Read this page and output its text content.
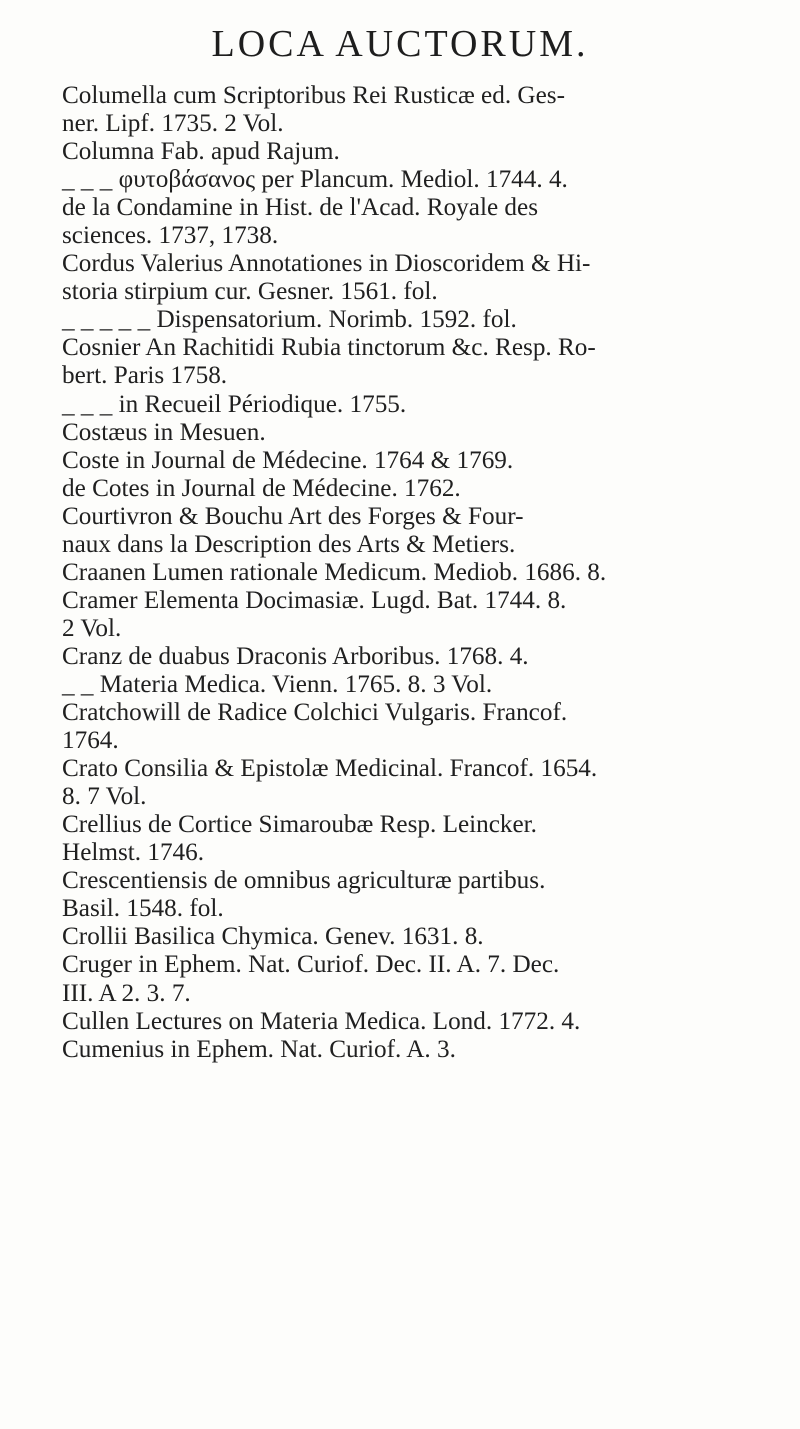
LOCA AUCTORUM.
Columella cum Scriptoribus Rei Rusticæ ed. Ges-
ner. Lipf. 1735. 2 Vol.
Columna Fab. apud Rajum.
_ _ _ φυτοβάσανος per Plancum. Mediol. 1744. 4.
de la Condamine in Hist. de l'Acad. Royale des
sciences. 1737, 1738.
Cordus Valerius Annotationes in Dioscoridem & Hi-
storia stirpium cur. Gesner. 1561. fol.
_ _ _ _ _ Dispensatorium. Norimb. 1592. fol.
Cosnier An Rachitidi Rubia tinctorum &c. Resp. Ro-
bert. Paris 1758.
_ _ _ in Recueil Périodique. 1755.
Costæus in Mesuen.
Coste in Journal de Médecine. 1764 & 1769.
de Cotes in Journal de Médecine. 1762.
Courtivron & Bouchu Art des Forges & Four-
naux dans la Description des Arts & Metiers.
Craanen Lumen rationale Medicum. Mediob. 1686. 8.
Cramer Elementa Docimasiæ. Lugd. Bat. 1744. 8.
2 Vol.
Cranz de duabus Draconis Arboribus. 1768. 4.
_ _ Materia Medica. Vienn. 1765. 8. 3 Vol.
Cratchowill de Radice Colchici Vulgaris. Francof.
1764.
Crato Consilia & Epistolæ Medicinal. Francof. 1654.
8. 7 Vol.
Crellius de Cortice Simaroubæ Resp. Leincker.
Helmst. 1746.
Crescentiensis de omnibus agriculturæ partibus.
Basil. 1548. fol.
Crollii Basilica Chymica. Genev. 1631. 8.
Cruger in Ephem. Nat. Curiof. Dec. II. A. 7. Dec.
III. A 2. 3. 7.
Cullen Lectures on Materia Medica. Lond. 1772. 4.
Cumenius in Ephem. Nat. Curiof. A. 3.
